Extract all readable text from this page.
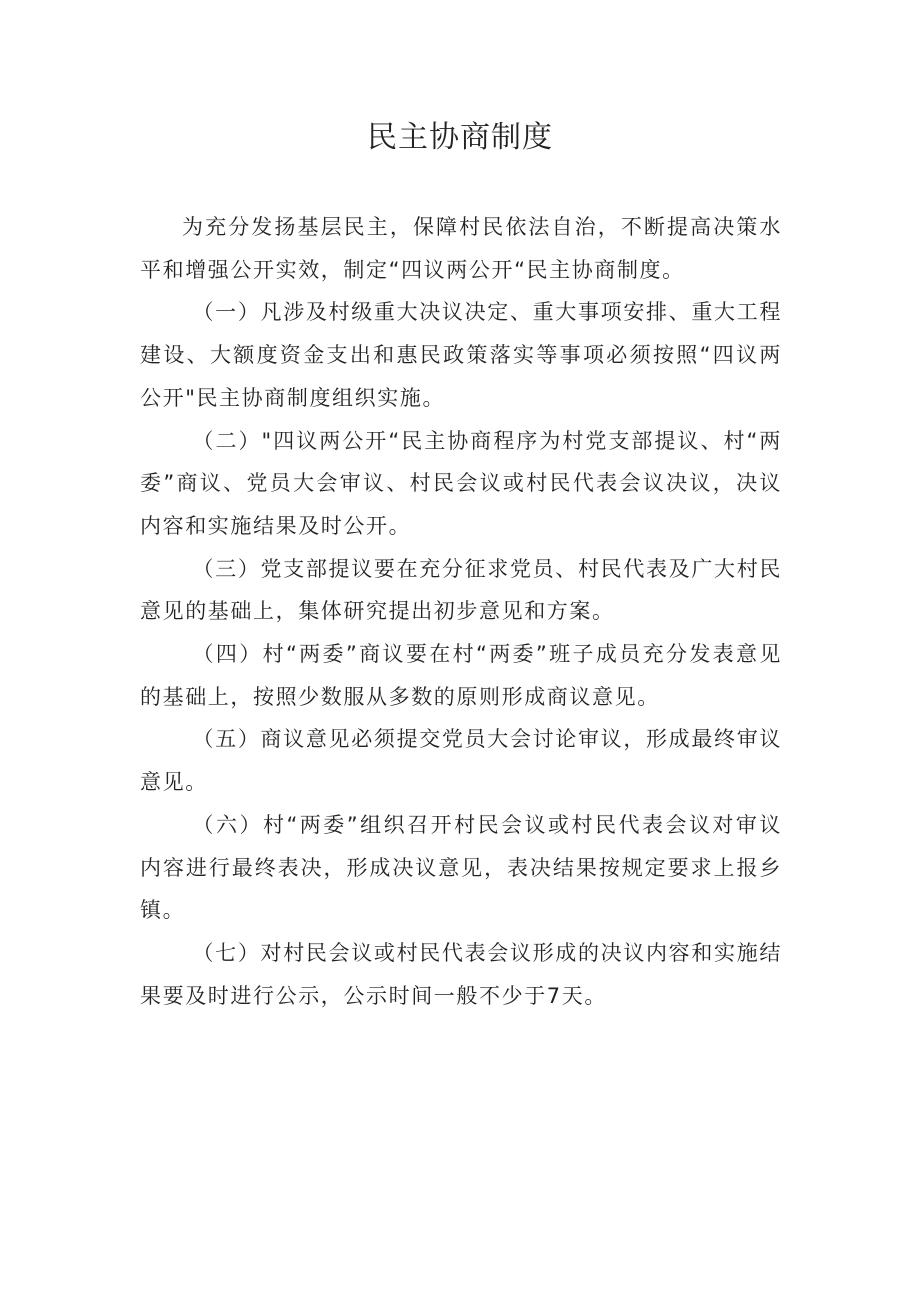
民主协商制度

为充分发扬基层民主，保障村民依法自治，不断提高决策水平和增强公开实效，制定“四议两公开“民主协商制度。

（一）凡涉及村级重大决议决定、重大事项安排、重大工程建设、大额度资金支出和惠民政策落实等事项必须按照“四议两公开"民主协商制度组织实施。

（二）"四议两公开“民主协商程序为村党支部提议、村“两委”商议、党员大会审议、村民会议或村民代表会议决议，决议内容和实施结果及时公开。

（三）党支部提议要在充分征求党员、村民代表及广大村民意见的基础上，集体研究提出初步意见和方案。

（四）村“两委”商议要在村“两委”班子成员充分发表意见的基础上，按照少数服从多数的原则形成商议意见。

（五）商议意见必须提交党员大会讨论审议，形成最终审议意见。

（六）村“两委”组织召开村民会议或村民代表会议对审议内容进行最终表决，形成决议意见，表决结果按规定要求上报乡镇。

（七）对村民会议或村民代表会议形成的决议内容和实施结果要及时进行公示，公示时间一般不少于7天。
